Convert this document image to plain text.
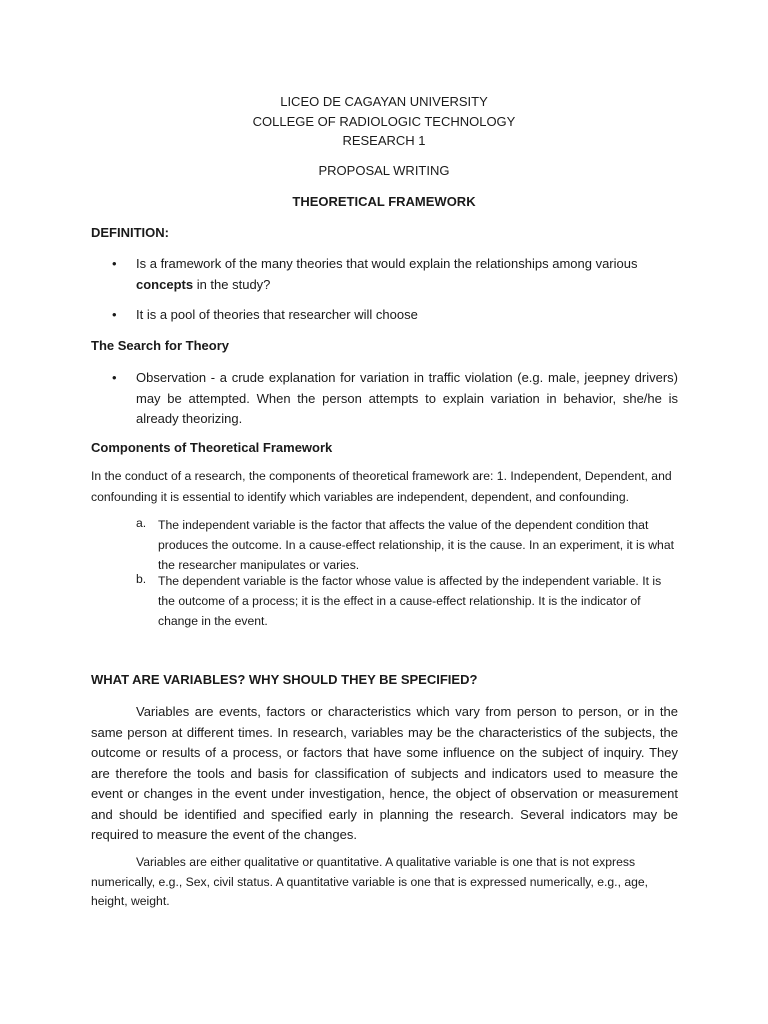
LICEO DE CAGAYAN UNIVERSITY
COLLEGE OF RADIOLOGIC TECHNOLOGY
RESEARCH 1
PROPOSAL WRITING
THEORETICAL FRAMEWORK
DEFINITION:
• Is a framework of the many theories that would explain the relationships among various concepts in the study?
• It is a pool of theories that researcher will choose
The Search for Theory
• Observation - a crude explanation for variation in traffic violation (e.g. male, jeepney drivers) may be attempted. When the person attempts to explain variation in behavior, she/he is already theorizing.
Components of Theoretical Framework
In the conduct of a research, the components of theoretical framework are: 1. Independent, Dependent, and confounding it is essential to identify which variables are independent, dependent, and confounding.
a. The independent variable is the factor that affects the value of the dependent condition that produces the outcome. In a cause-effect relationship, it is the cause. In an experiment, it is what the researcher manipulates or varies.
b. The dependent variable is the factor whose value is affected by the independent variable. It is the outcome of a process; it is the effect in a cause-effect relationship. It is the indicator of change in the event.
WHAT ARE VARIABLES? WHY SHOULD THEY BE SPECIFIED?
Variables are events, factors or characteristics which vary from person to person, or in the same person at different times. In research, variables may be the characteristics of the subjects, the outcome or results of a process, or factors that have some influence on the subject of inquiry. They are therefore the tools and basis for classification of subjects and indicators used to measure the event or changes in the event under investigation, hence, the object of observation or measurement and should be identified and specified early in planning the research. Several indicators may be required to measure the event of the changes.
Variables are either qualitative or quantitative. A qualitative variable is one that is not express numerically, e.g., Sex, civil status. A quantitative variable is one that is expressed numerically, e.g., age, height, weight.
